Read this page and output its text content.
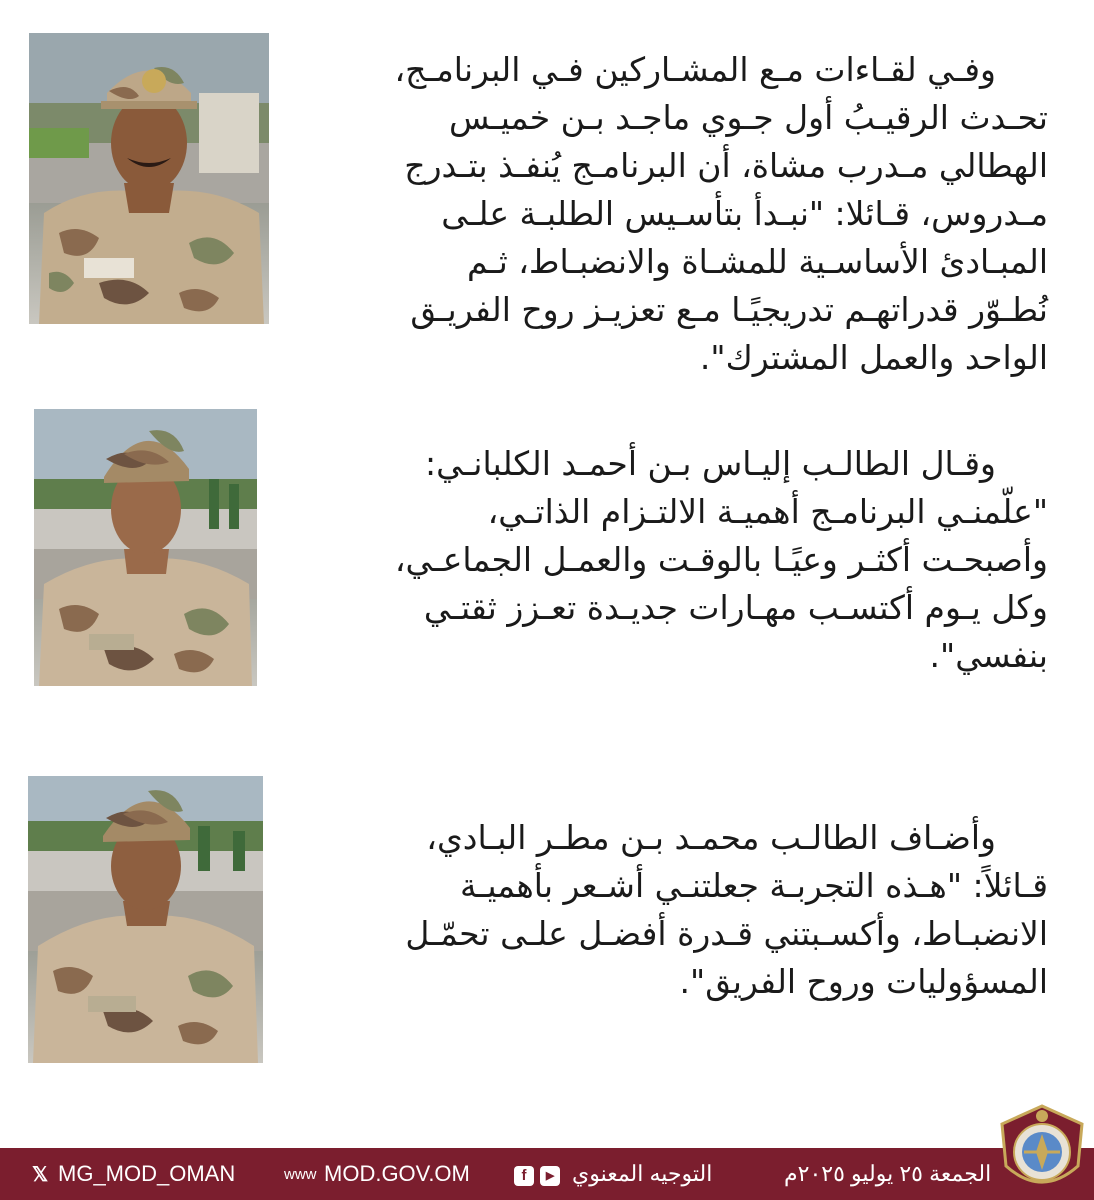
وفـي لقـاءات مـع المشـاركين فـي البرنامـج،
تحـدث الرقيـبُ أول جـوي ماجـد بـن خميـس
الهطالي مـدرب مشاة، أن البرنامـج يُنفـذ بتـدرج
مـدروس، قـائلا: "نبـدأ بتأسـيس الطلبـة علـى
المبـادئ الأساسـية للمشـاة والانضبـاط، ثـم
نُطـوّر قدراتهـم تدريجيًـا مـع تعزيـز روح الفريـق
الواحد والعمل المشترك".
وقـال الطالـب إليـاس بـن أحمـد الكلبانـي:
"علّمنـي البرنامـج أهميـة الالتـزام الذاتـي،
وأصبحـت أكثـر وعيًـا بالوقـت والعمـل الجماعـي،
وكل يـوم أكتسـب مهـارات جديـدة تعـزز ثقتـي
بنفسي".
وأضـاف الطالـب محمـد بـن مطـر البـادي،
قـائلاً: "هـذه التجربـة جعلتنـي أشـعر بأهميـة
الانضبـاط، وأكسـبتني قـدرة أفضـل علـى تحمّـل
المسؤوليات وروح الفريق".
𝕏 MG_MOD_OMAN	www MOD.GOV.OM	f ▶ التوجيه المعنوي	الجمعة ٢٥ يوليو ٢٠٢٥م
